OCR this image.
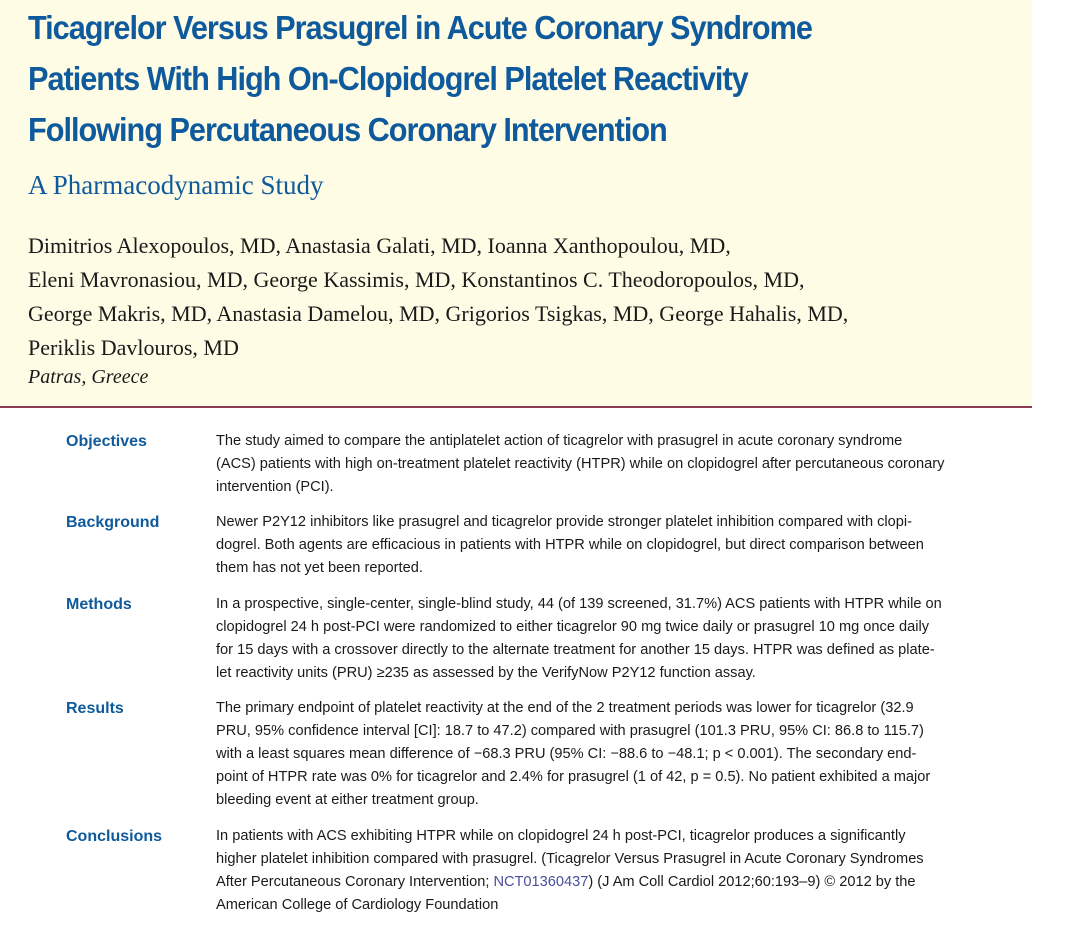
Ticagrelor Versus Prasugrel in Acute Coronary Syndrome
Patients With High On-Clopidogrel Platelet Reactivity
Following Percutaneous Coronary Intervention
A Pharmacodynamic Study
Dimitrios Alexopoulos, MD, Anastasia Galati, MD, Ioanna Xanthopoulou, MD,
Eleni Mavronasiou, MD, George Kassimis, MD, Konstantinos C. Theodoropoulos, MD,
George Makris, MD, Anastasia Damelou, MD, Grigorios Tsigkas, MD, George Hahalis, MD,
Periklis Davlouros, MD
Patras, Greece
Objectives	The study aimed to compare the antiplatelet action of ticagrelor with prasugrel in acute coronary syndrome
(ACS) patients with high on-treatment platelet reactivity (HTPR) while on clopidogrel after percutaneous coronary
intervention (PCI).
Background	Newer P2Y12 inhibitors like prasugrel and ticagrelor provide stronger platelet inhibition compared with clopi-
dogrel. Both agents are efficacious in patients with HTPR while on clopidogrel, but direct comparison between
them has not yet been reported.
Methods	In a prospective, single-center, single-blind study, 44 (of 139 screened, 31.7%) ACS patients with HTPR while on
clopidogrel 24 h post-PCI were randomized to either ticagrelor 90 mg twice daily or prasugrel 10 mg once daily
for 15 days with a crossover directly to the alternate treatment for another 15 days. HTPR was defined as plate-
let reactivity units (PRU) ≥235 as assessed by the VerifyNow P2Y12 function assay.
Results	The primary endpoint of platelet reactivity at the end of the 2 treatment periods was lower for ticagrelor (32.9
PRU, 95% confidence interval [CI]: 18.7 to 47.2) compared with prasugrel (101.3 PRU, 95% CI: 86.8 to 115.7)
with a least squares mean difference of −68.3 PRU (95% CI: −88.6 to −48.1; p < 0.001). The secondary end-
point of HTPR rate was 0% for ticagrelor and 2.4% for prasugrel (1 of 42, p = 0.5). No patient exhibited a major
bleeding event at either treatment group.
Conclusions	In patients with ACS exhibiting HTPR while on clopidogrel 24 h post-PCI, ticagrelor produces a significantly
higher platelet inhibition compared with prasugrel. (Ticagrelor Versus Prasugrel in Acute Coronary Syndromes
After Percutaneous Coronary Intervention; NCT01360437) (J Am Coll Cardiol 2012;60:193–9) © 2012 by the
American College of Cardiology Foundation
